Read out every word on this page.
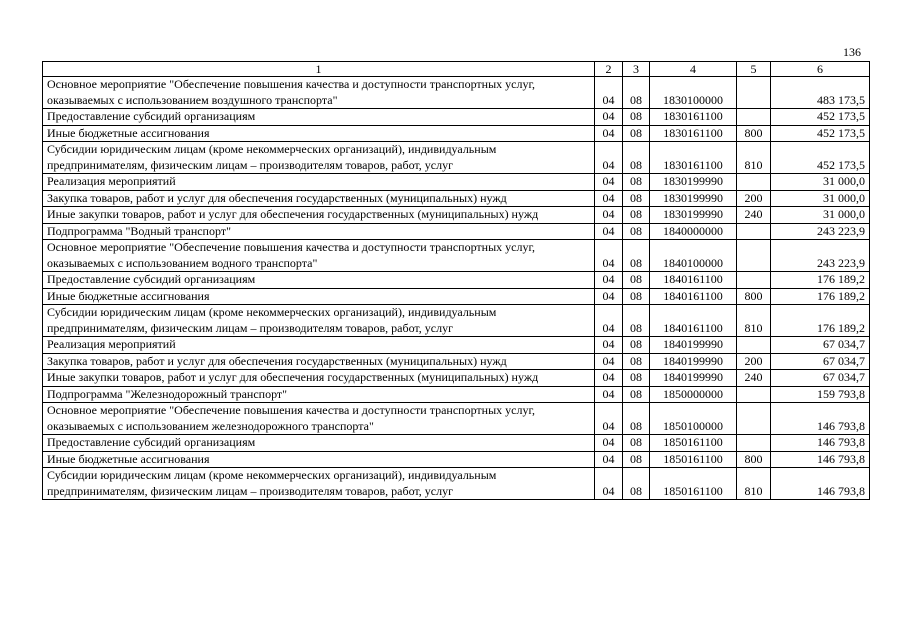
136
1	2	3	4	5	6
Основное мероприятие "Обеспечение повышения качества и доступности транспортных услуг, оказываемых с использованием воздушного транспорта"	04	08	1830100000		483 173,5
Предоставление субсидий организациям	04	08	1830161100		452 173,5
Иные бюджетные ассигнования	04	08	1830161100	800	452 173,5
Субсидии юридическим лицам (кроме некоммерческих организаций), индивидуальным предпринимателям, физическим лицам – производителям товаров, работ, услуг	04	08	1830161100	810	452 173,5
Реализация мероприятий	04	08	1830199990		31 000,0
Закупка товаров, работ и услуг для обеспечения государственных (муниципальных) нужд	04	08	1830199990	200	31 000,0
Иные закупки товаров, работ и услуг для обеспечения государственных (муниципальных) нужд	04	08	1830199990	240	31 000,0
Подпрограмма "Водный транспорт"	04	08	1840000000		243 223,9
Основное мероприятие "Обеспечение повышения качества и доступности транспортных услуг, оказываемых с использованием водного транспорта"	04	08	1840100000		243 223,9
Предоставление субсидий организациям	04	08	1840161100		176 189,2
Иные бюджетные ассигнования	04	08	1840161100	800	176 189,2
Субсидии юридическим лицам (кроме некоммерческих организаций), индивидуальным предпринимателям, физическим лицам – производителям товаров, работ, услуг	04	08	1840161100	810	176 189,2
Реализация мероприятий	04	08	1840199990		67 034,7
Закупка товаров, работ и услуг для обеспечения государственных (муниципальных) нужд	04	08	1840199990	200	67 034,7
Иные закупки товаров, работ и услуг для обеспечения государственных (муниципальных) нужд	04	08	1840199990	240	67 034,7
Подпрограмма "Железнодорожный транспорт"	04	08	1850000000		159 793,8
Основное мероприятие "Обеспечение повышения качества и доступности транспортных услуг, оказываемых с использованием железнодорожного транспорта"	04	08	1850100000		146 793,8
Предоставление субсидий организациям	04	08	1850161100		146 793,8
Иные бюджетные ассигнования	04	08	1850161100	800	146 793,8
Субсидии юридическим лицам (кроме некоммерческих организаций), индивидуальным предпринимателям, физическим лицам – производителям товаров, работ, услуг	04	08	1850161100	810	146 793,8
